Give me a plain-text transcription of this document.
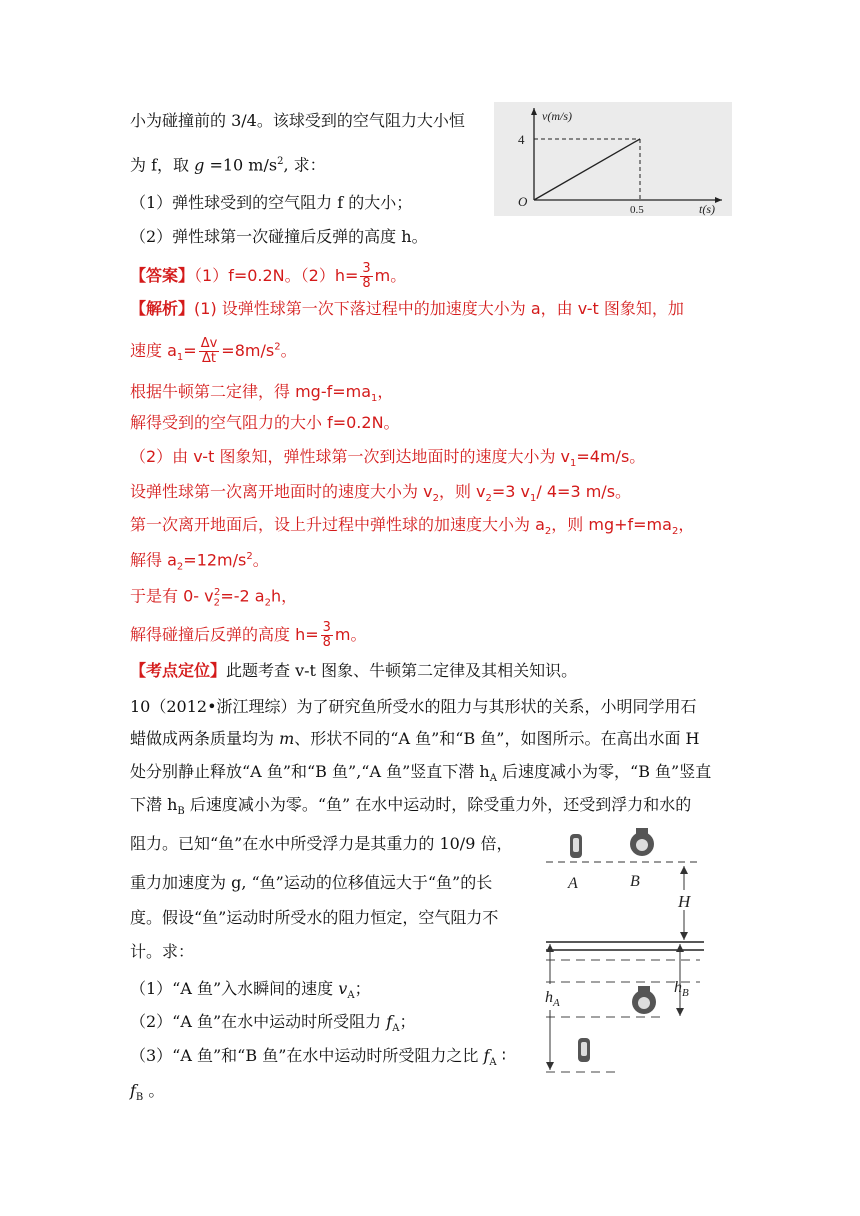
小为碰撞前的 3/4。该球受到的空气阻力大小恒
为 f，取 g =10 $m/s^2$, 求：
（1）弹性球受到的空气阻力 f 的大小；
（2）弹性球第一次碰撞后反弹的高度 h。
v(m/s)
4
O
0.5	t(s)
【答案】（1）f=0.2N。$(2)h= \frac{3}{8}$ m。
【解析】(1) 设弹性球第一次下落过程中的加速度大小为 a，由 v-t 图象知，加
速度 $a_1= \frac{\Delta v}{\Delta t} =8m/s^2$。
根据牛顿第二定律，得 $mg-f=ma_1$，
解得受到的空气阻力的大小 f=0.2N。
（2）由 v-t 图象知，弹性球第一次到达地面时的速度大小为 $v_1=4m/s$。
设弹性球第一次离开地面时的速度大小为 $v_2$，则 $v_2=3$ $v_1/$ 4=3 m/s。
第一次离开地面后，设上升过程中弹性球的加速度大小为 $a_2$，则 $mg+f=ma_2$，
解得 $a_2=12m/s^2$。
于是有 0- $v_2^2=-2$ $a_2h$，
解得碰撞后反弹的高度 $h= \frac{3}{8}$ m。
【考点定位】此题考查 v-t 图象、牛顿第二定律及其相关知识。
10（2012•浙江理综）为了研究鱼所受水的阻力与其形状的关系，小明同学用石
蜡做成两条质量均为 m、形状不同的“A 鱼”和“B 鱼”，如图所示。在高出水面 H
处分别静止释放“A 鱼”和“B 鱼”,“A 鱼”竖直下潜 $h_A$ 后速度减小为零，“B 鱼”竖直
下潜 $h_B$ 后速度减小为零。“鱼” 在水中运动时，除受重力外，还受到浮力和水的
阻力。已知“鱼”在水中所受浮力是其重力的 10/9 倍，
重力加速度为 g, “鱼”运动的位移值远大于“鱼”的长
度。假设“鱼”运动时所受水的阻力恒定，空气阻力不
计。求：
（1）“A 鱼”入水瞬间的速度 $v_A$；
（2）“A 鱼”在水中运动时所受阻力 $f_A$；
（3）“A 鱼”和“B 鱼”在水中运动时所受阻力之比 $f_A$ ∶
$f_B$ 。
A	B
H
$h_A$
$h_B$
